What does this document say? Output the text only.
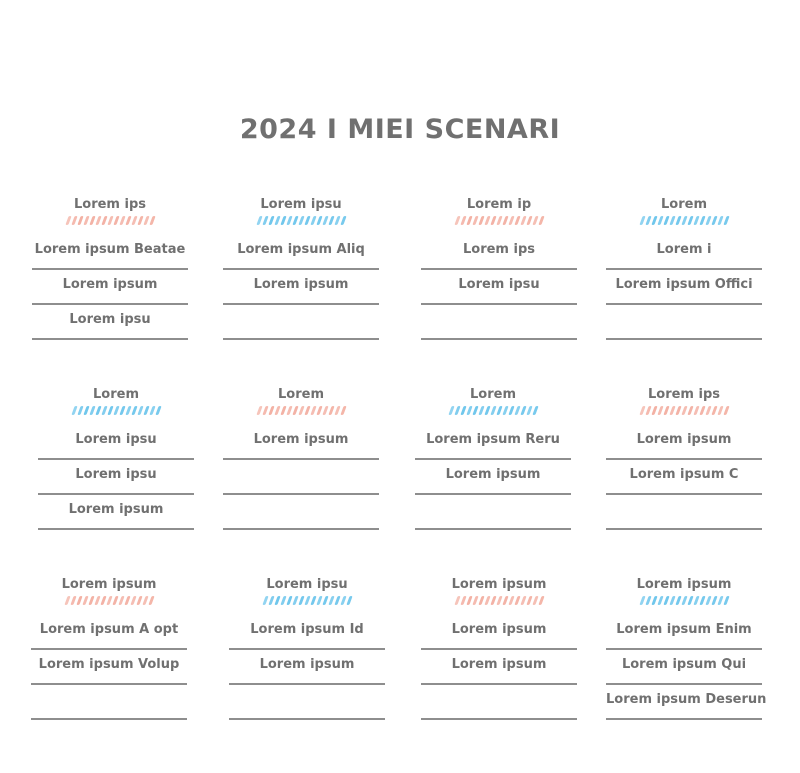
2024 I MIEI SCENARI
Lorem ips
Lorem ipsum Beatae
Lorem ipsum
Lorem ipsu
Lorem ipsu
Lorem ipsum Aliq
Lorem ipsum
Lorem ip
Lorem ips
Lorem ipsu
Lorem
Lorem i
Lorem ipsum Offici
Lorem
Lorem ipsu
Lorem ipsu
Lorem ipsum
Lorem
Lorem ipsum
Lorem
Lorem ipsum Reru
Lorem ipsum
Lorem ips
Lorem ipsum
Lorem ipsum C
Lorem ipsum
Lorem ipsum A opt
Lorem ipsum Volup
Lorem ipsu
Lorem ipsum Id
Lorem ipsum
Lorem ipsum
Lorem ipsum
Lorem ipsum
Lorem ipsum
Lorem ipsum Enim
Lorem ipsum Qui
Lorem ipsum Deserun
